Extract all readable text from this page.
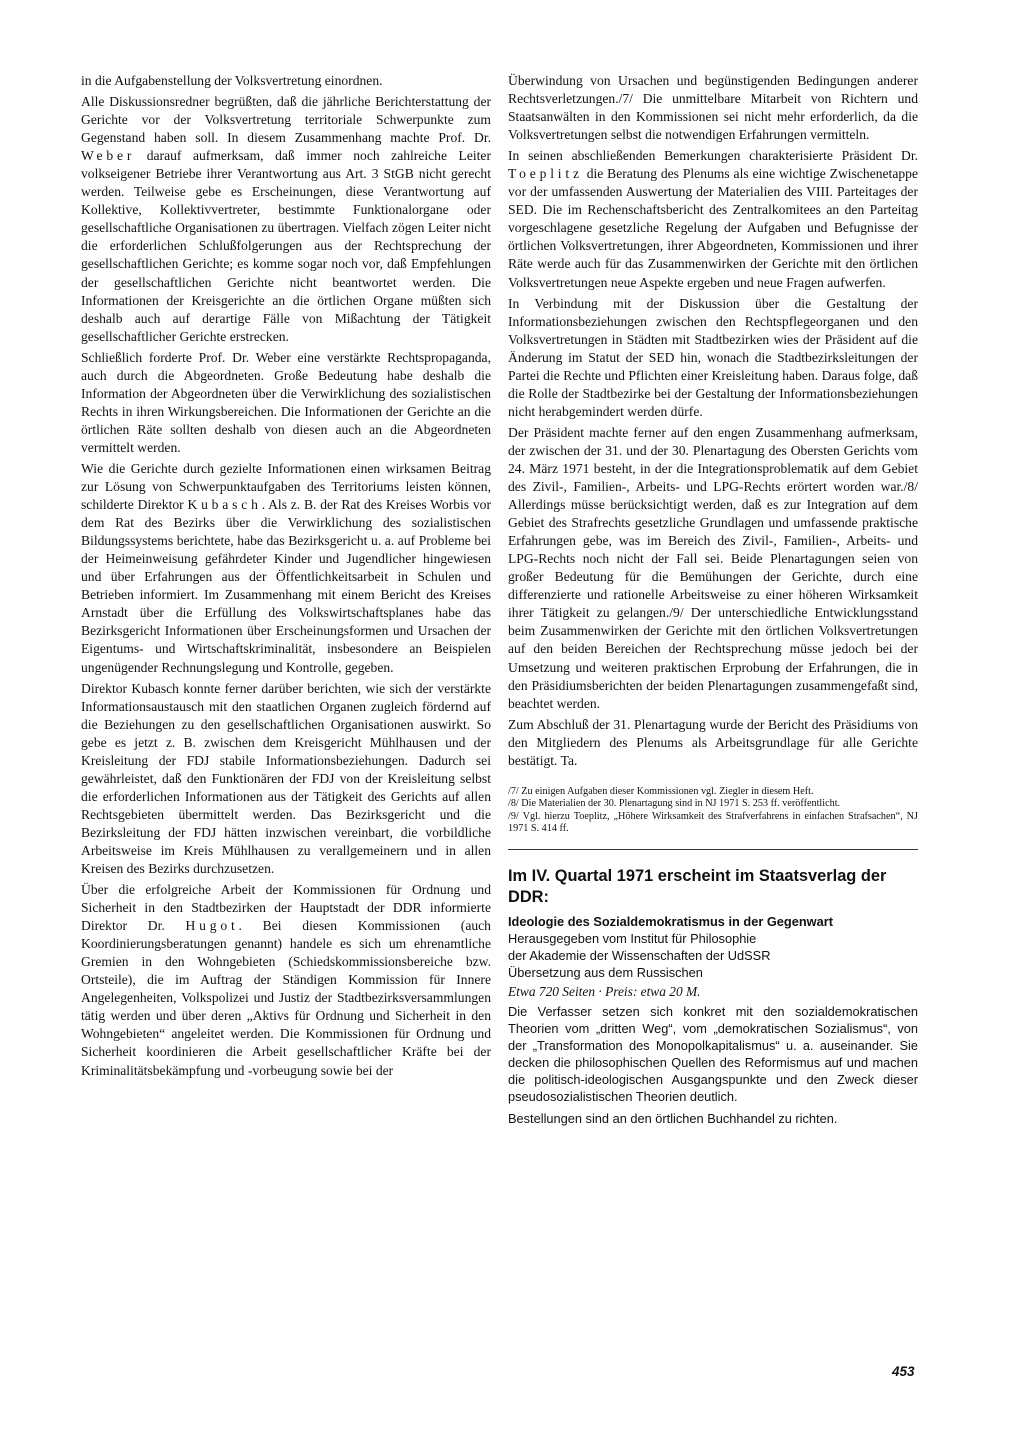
in die Aufgabenstellung der Volksvertretung einordnen.

Alle Diskussionsredner begrüßten, daß die jährliche Berichterstattung der Gerichte vor der Volksvertretung territoriale Schwerpunkte zum Gegenstand haben soll. In diesem Zusammenhang machte Prof. Dr. Weber darauf aufmerksam, daß immer noch zahlreiche Leiter volkseigener Betriebe ihrer Verantwortung aus Art. 3 StGB nicht gerecht werden. Teilweise gebe es Erscheinungen, diese Verantwortung auf Kollektive, Kollektivvertreter, bestimmte Funktionalorgane oder gesellschaftliche Organisationen zu übertragen. Vielfach zögen Leiter nicht die erforderlichen Schlußfolgerungen aus der Rechtsprechung der gesellschaftlichen Gerichte; es komme sogar noch vor, daß Empfehlungen der gesellschaftlichen Gerichte nicht beantwortet werden. Die Informationen der Kreisgerichte an die örtlichen Organe müßten sich deshalb auch auf derartige Fälle von Mißachtung der Tätigkeit gesellschaftlicher Gerichte erstrecken.

Schließlich forderte Prof. Dr. Weber eine verstärkte Rechtspropaganda, auch durch die Abgeordneten. Große Bedeutung habe deshalb die Information der Abgeordneten über die Verwirklichung des sozialistischen Rechts in ihren Wirkungsbereichen. Die Informationen der Gerichte an die örtlichen Räte sollten deshalb von diesen auch an die Abgeordneten vermittelt werden.

Wie die Gerichte durch gezielte Informationen einen wirksamen Beitrag zur Lösung von Schwerpunktaufgaben des Territoriums leisten können, schilderte Direktor Kubasch. Als z. B. der Rat des Kreises Worbis vor dem Rat des Bezirks über die Verwirklichung des sozialistischen Bildungssystems berichtete, habe das Bezirksgericht u. a. auf Probleme bei der Heimeinweisung gefährdeter Kinder und Jugendlicher hingewiesen und über Erfahrungen aus der Öffentlichkeitsarbeit in Schulen und Betrieben informiert. Im Zusammenhang mit einem Bericht des Kreises Arnstadt über die Erfüllung des Volkswirtschaftsplanes habe das Bezirksgericht Informationen über Erscheinungsformen und Ursachen der Eigentums- und Wirtschaftskriminalität, insbesondere an Beispielen ungenügender Rechnungslegung und Kontrolle, gegeben.

Direktor Kubasch konnte ferner darüber berichten, wie sich der verstärkte Informationsaustausch mit den staatlichen Organen zugleich fördernd auf die Beziehungen zu den gesellschaftlichen Organisationen auswirkt. So gebe es jetzt z. B. zwischen dem Kreisgericht Mühlhausen und der Kreisleitung der FDJ stabile Informationsbeziehungen. Dadurch sei gewährleistet, daß den Funktionären der FDJ von der Kreisleitung selbst die erforderlichen Informationen aus der Tätigkeit des Gerichts auf allen Rechtsgebieten übermittelt werden. Das Bezirksgericht und die Bezirksleitung der FDJ hätten inzwischen vereinbart, die vorbildliche Arbeitsweise im Kreis Mühlhausen zu verallgemeinern und in allen Kreisen des Bezirks durchzusetzen.

Über die erfolgreiche Arbeit der Kommissionen für Ordnung und Sicherheit in den Stadtbezirken der Hauptstadt der DDR informierte Direktor Dr. Hugot. Bei diesen Kommissionen (auch Koordinierungsberatungen genannt) handele es sich um ehrenamtliche Gremien in den Wohngebieten (Schiedskommissionsbereiche bzw. Ortsteile), die im Auftrag der Ständigen Kommission für Innere Angelegenheiten, Volkspolizei und Justiz der Stadtbezirksversammlungen tätig werden und über deren „Aktivs für Ordnung und Sicherheit in den Wohngebieten“ angeleitet werden. Die Kommissionen für Ordnung und Sicherheit koordinieren die Arbeit gesellschaftlicher Kräfte bei der Kriminalitätsbekämpfung und -vorbeugung sowie bei der

Überwindung von Ursachen und begünstigenden Bedingungen anderer Rechtsverletzungen./7/ Die unmittelbare Mitarbeit von Richtern und Staatsanwälten in den Kommissionen sei nicht mehr erforderlich, da die Volksvertretungen selbst die notwendigen Erfahrungen vermitteln.

In seinen abschließenden Bemerkungen charakterisierte Präsident Dr. Toeplitz die Beratung des Plenums als eine wichtige Zwischenetappe vor der umfassenden Auswertung der Materialien des VIII. Parteitages der SED. Die im Rechenschaftsbericht des Zentralkomitees an den Parteitag vorgeschlagene gesetzliche Regelung der Aufgaben und Befugnisse der örtlichen Volksvertretungen, ihrer Abgeordneten, Kommissionen und ihrer Räte werde auch für das Zusammenwirken der Gerichte mit den örtlichen Volksvertretungen neue Aspekte ergeben und neue Fragen aufwerfen.

In Verbindung mit der Diskussion über die Gestaltung der Informationsbeziehungen zwischen den Rechtspflegeorganen und den Volksvertretungen in Städten mit Stadtbezirken wies der Präsident auf die Änderung im Statut der SED hin, wonach die Stadtbezirksleitungen der Partei die Rechte und Pflichten einer Kreisleitung haben. Daraus folge, daß die Rolle der Stadtbezirke bei der Gestaltung der Informationsbeziehungen nicht herabgemindert werden dürfe.

Der Präsident machte ferner auf den engen Zusammenhang aufmerksam, der zwischen der 31. und der 30. Plenartagung des Obersten Gerichts vom 24. März 1971 besteht, in der die Integrationsproblematik auf dem Gebiet des Zivil-, Familien-, Arbeits- und LPG-Rechts erörtert worden war./8/ Allerdings müsse berücksichtigt werden, daß es zur Integration auf dem Gebiet des Strafrechts gesetzliche Grundlagen und umfassende praktische Erfahrungen gebe, was im Bereich des Zivil-, Familien-, Arbeits- und LPG-Rechts noch nicht der Fall sei. Beide Plenartagungen seien von großer Bedeutung für die Bemühungen der Gerichte, durch eine differenzierte und rationelle Arbeitsweise zu einer höheren Wirksamkeit ihrer Tätigkeit zu gelangen./9/ Der unterschiedliche Entwicklungsstand beim Zusammenwirken der Gerichte mit den örtlichen Volksvertretungen auf den beiden Bereichen der Rechtsprechung müsse jedoch bei der Umsetzung und weiteren praktischen Erprobung der Erfahrungen, die in den Präsidiumsberichten der beiden Plenartagungen zusammengefaßt sind, beachtet werden.

Zum Abschluß der 31. Plenartagung wurde der Bericht des Präsidiums von den Mitgliedern des Plenums als Arbeitsgrundlage für alle Gerichte bestätigt. Ta.

/7/ Zu einigen Aufgaben dieser Kommissionen vgl. Ziegler in diesem Heft.

/8/ Die Materialien der 30. Plenartagung sind in NJ 1971 S. 253 ff. veröffentlicht.

/9/ Vgl. hierzu Toeplitz, „Höhere Wirksamkeit des Strafverfahrens in einfachen Strafsachen“, NJ 1971 S. 414 ff.

Im IV. Quartal 1971 erscheint im Staatsverlag der DDR:

Ideologie des Sozialdemokratismus in der Gegenwart

Herausgegeben vom Institut für Philosophie

der Akademie der Wissenschaften der UdSSR

Übersetzung aus dem Russischen

Etwa 720 Seiten · Preis: etwa 20 M.

Die Verfasser setzen sich konkret mit den sozialdemokratischen Theorien vom „dritten Weg“, vom „demokratischen Sozialismus“, von der „Transformation des Monopolkapitalismus“ u. a. auseinander. Sie decken die philosophischen Quellen des Reformismus auf und machen die politisch-ideologischen Ausgangspunkte und den Zweck dieser pseudosozialistischen Theorien deutlich.

Bestellungen sind an den örtlichen Buchhandel zu richten.

453
